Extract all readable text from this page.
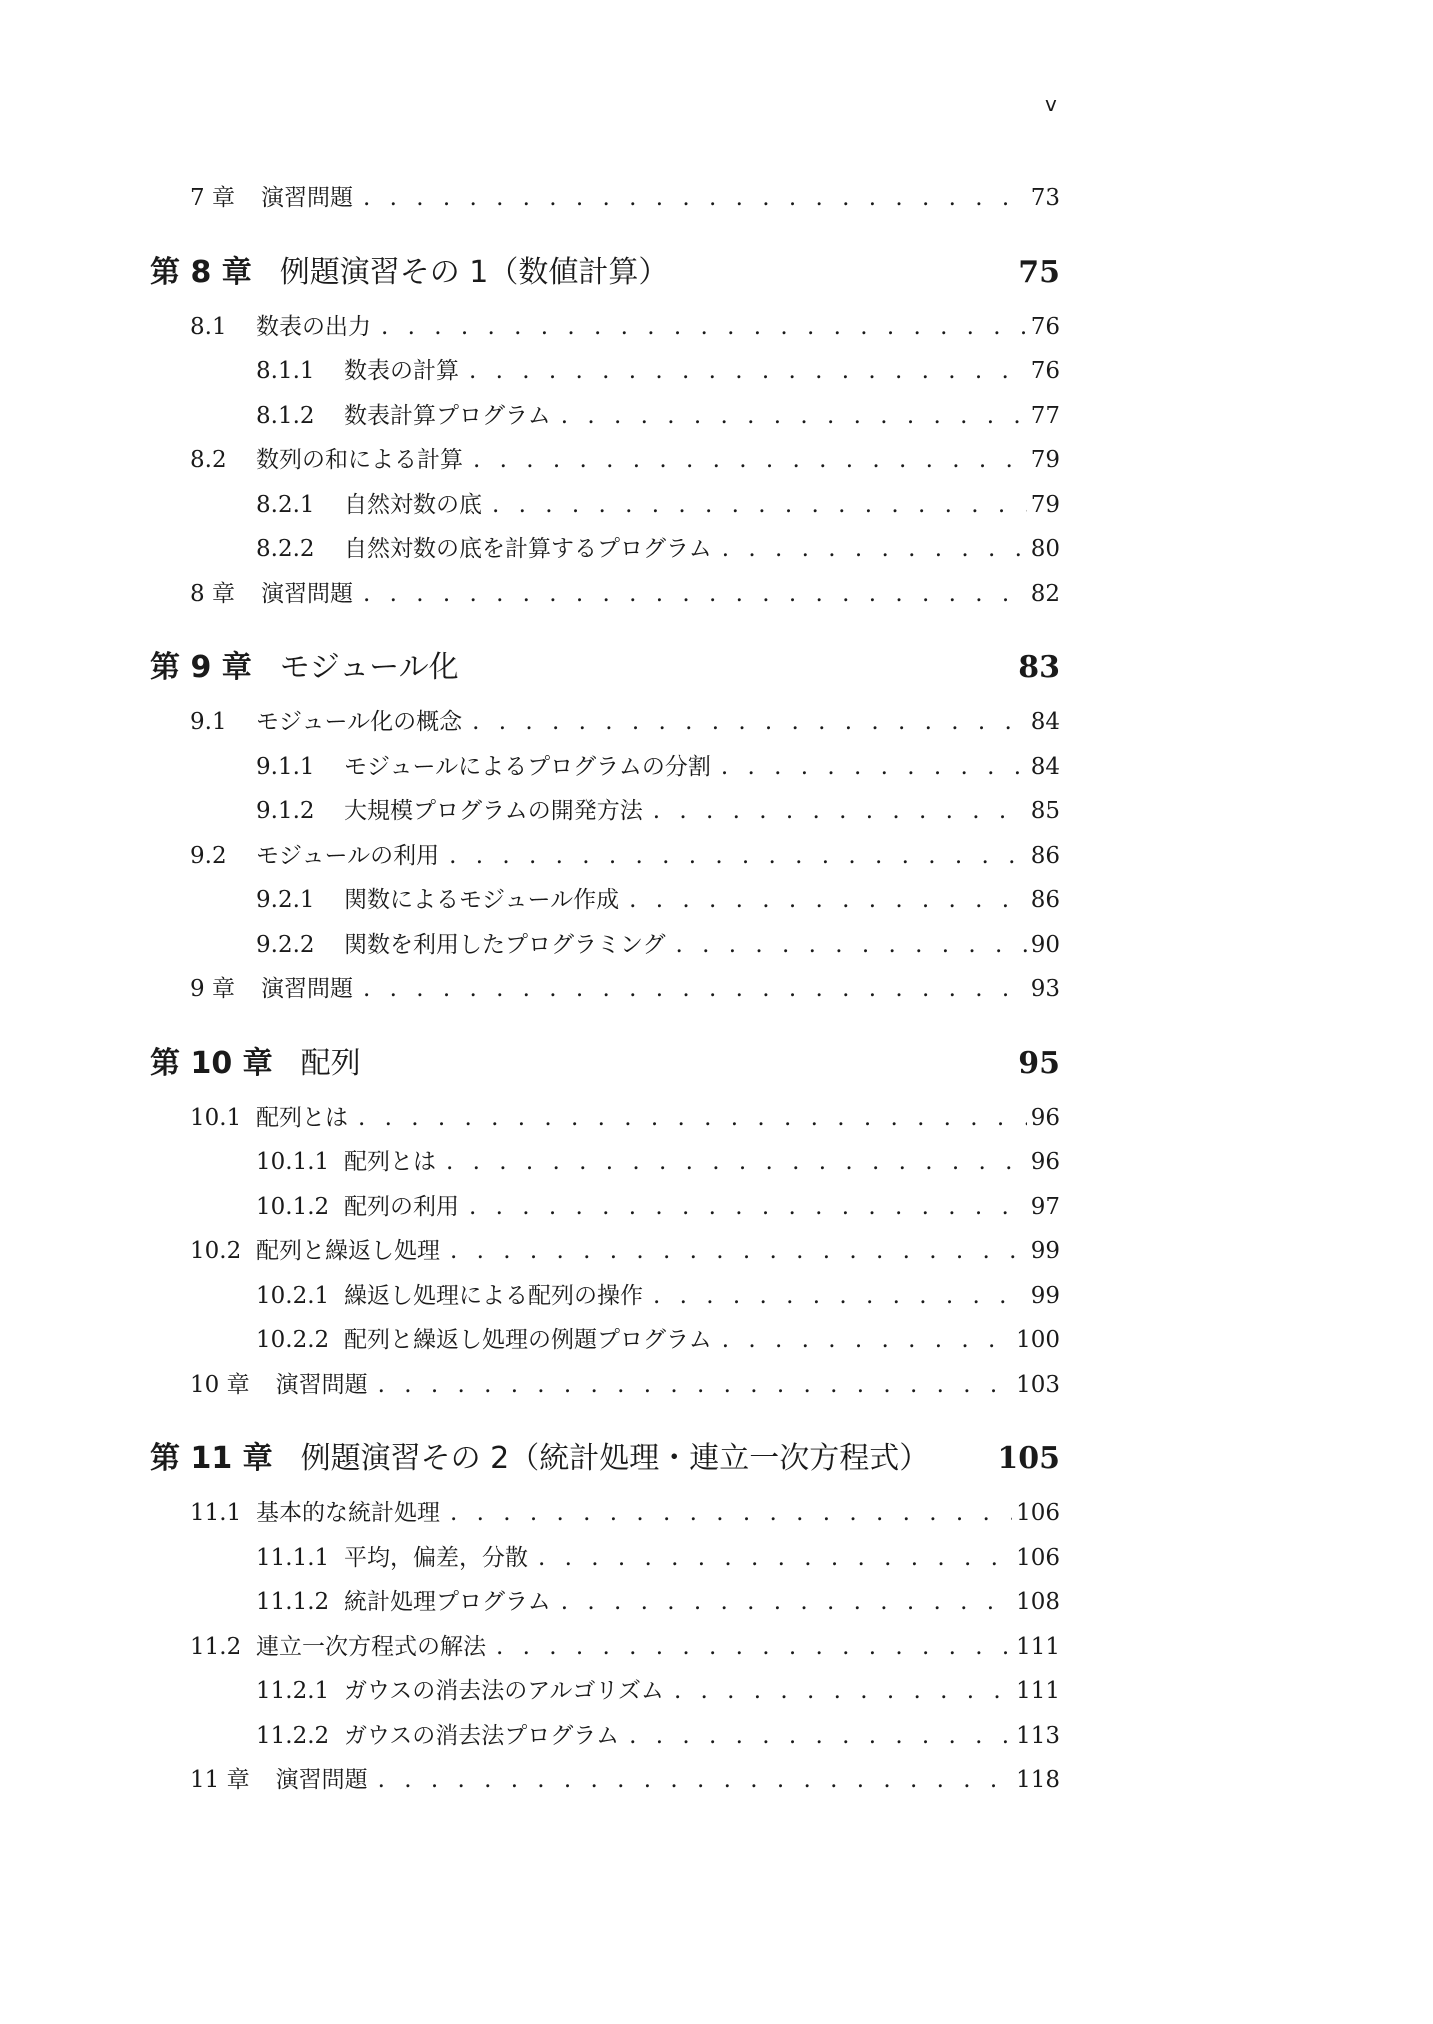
v
7 章 演習問題 . . .	73
第 8 章 例題演習その 1（数値計算）	75
8.1	数表の出力 . . .	76
8.1.1	数表の計算 . . .	76
8.1.2	数表計算プログラム . . .	77
8.2	数列の和による計算 . . .	79
8.2.1	自然対数の底 . . .	79
8.2.2	自然対数の底を計算するプログラム . . .	80
8 章 演習問題 . . .	82
第 9 章 モジュール化	83
9.1	モジュール化の概念 . . .	84
9.1.1	モジュールによるプログラムの分割 . . .	84
9.1.2	大規模プログラムの開発方法 . . .	85
9.2	モジュールの利用 . . .	86
9.2.1	関数によるモジュール作成 . . .	86
9.2.2	関数を利用したプログラミング . . .	90
9 章 演習問題 . . .	93
第 10 章 配列	95
10.1 配列とは . . .	96
10.1.1 配列とは . . .	96
10.1.2 配列の利用 . . .	97
10.2 配列と繰返し処理 . . .	99
10.2.1 繰返し処理による配列の操作 . . .	99
10.2.2 配列と繰返し処理の例題プログラム . . .	100
10 章 演習問題 . . .	103
第 11 章 例題演習その 2（統計処理・連立一次方程式）	105
11.1 基本的な統計処理 . . .	106
11.1.1 平均，偏差，分散 . . .	106
11.1.2 統計処理プログラム . . .	108
11.2 連立一次方程式の解法 . . .	111
11.2.1 ガウスの消去法のアルゴリズム . . .	111
11.2.2 ガウスの消去法プログラム . . .	113
11 章 演習問題 . . .	118
